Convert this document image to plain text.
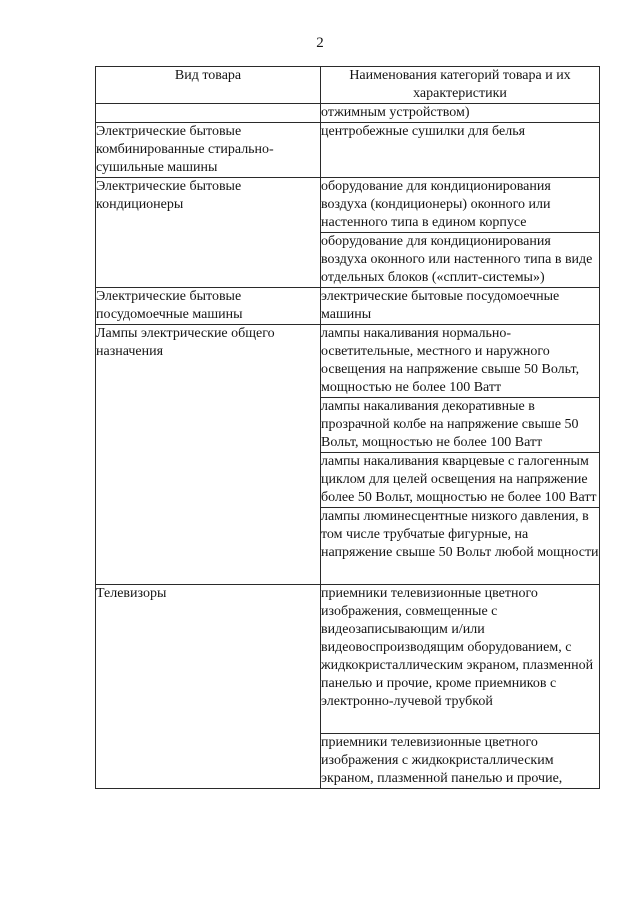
2
Вид товара	Наименования категорий товара и их характеристики
	отжимным устройством)
Электрические бытовые комбинированные стирально-сушильные машины	центробежные сушилки для белья
Электрические бытовые кондиционеры	оборудование для кондиционирования воздуха (кондиционеры) оконного или настенного типа в едином корпусе
	оборудование для кондиционирования воздуха оконного или настенного типа в виде отдельных блоков («сплит-системы»)
Электрические бытовые посудомоечные машины	электрические бытовые посудомоечные машины
Лампы электрические общего назначения	лампы накаливания нормально-осветительные, местного и наружного освещения на напряжение свыше 50 Вольт, мощностью не более 100 Ватт
	лампы накаливания декоративные в прозрачной колбе на напряжение свыше 50 Вольт, мощностью не более 100 Ватт
	лампы накаливания кварцевые с галогенным циклом для целей освещения на напряжение более 50 Вольт, мощностью не более 100 Ватт

	лампы люминесцентные низкого давления, в том числе трубчатые фигурные, на напряжение свыше 50 Вольт любой мощности

Телевизоры	приемники телевизионные цветного изображения, совмещенные с видеозаписывающим и/или видеовоспроизводящим оборудованием, с жидкокристаллическим экраном, плазменной панелью и прочие, кроме приемников с электронно-лучевой трубкой

	приемники телевизионные цветного изображения с жидкокристаллическим экраном, плазменной панелью и прочие,
